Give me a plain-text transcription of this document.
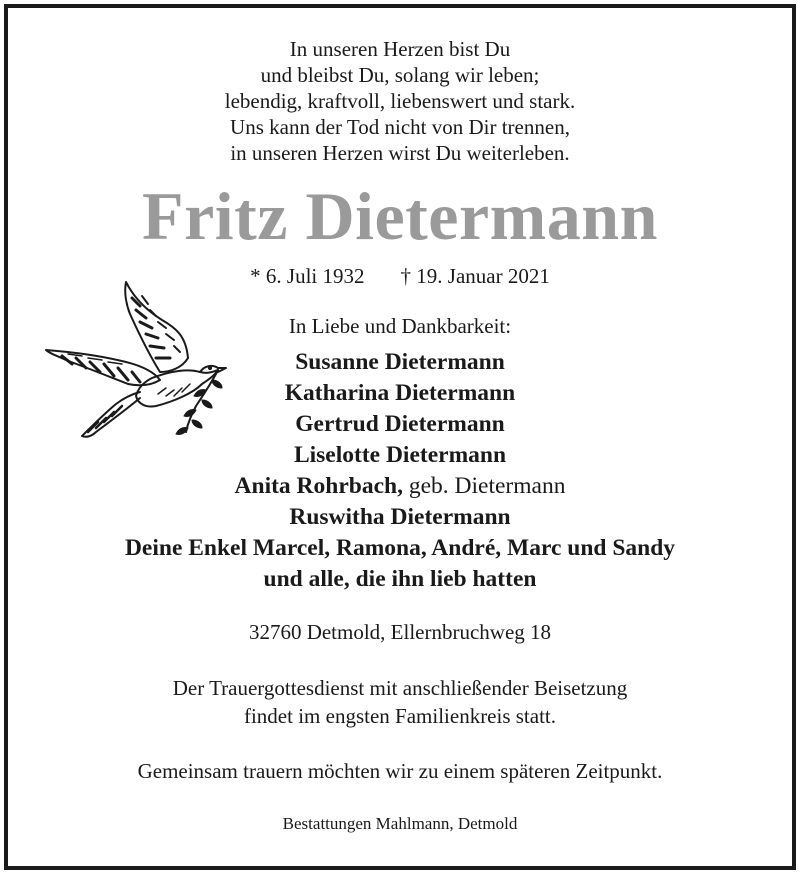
In unseren Herzen bist Du
und bleibst Du, solang wir leben;
lebendig, kraftvoll, liebenswert und stark.
Uns kann der Tod nicht von Dir trennen,
in unseren Herzen wirst Du weiterleben.
Fritz Dietermann
* 6. Juli 1932 † 19. Januar 2021
In Liebe und Dankbarkeit:
Susanne Dietermann
Katharina Dietermann
Gertrud Dietermann
Liselotte Dietermann
Anita Rohrbach, geb. Dietermann
Ruswitha Dietermann
Deine Enkel Marcel, Ramona, André, Marc und Sandy
und alle, die ihn lieb hatten
32760 Detmold, Ellernbruchweg 18
Der Trauergottesdienst mit anschließender Beisetzung
findet im engsten Familienkreis statt.
Gemeinsam trauern möchten wir zu einem späteren Zeitpunkt.
Bestattungen Mahlmann, Detmold
